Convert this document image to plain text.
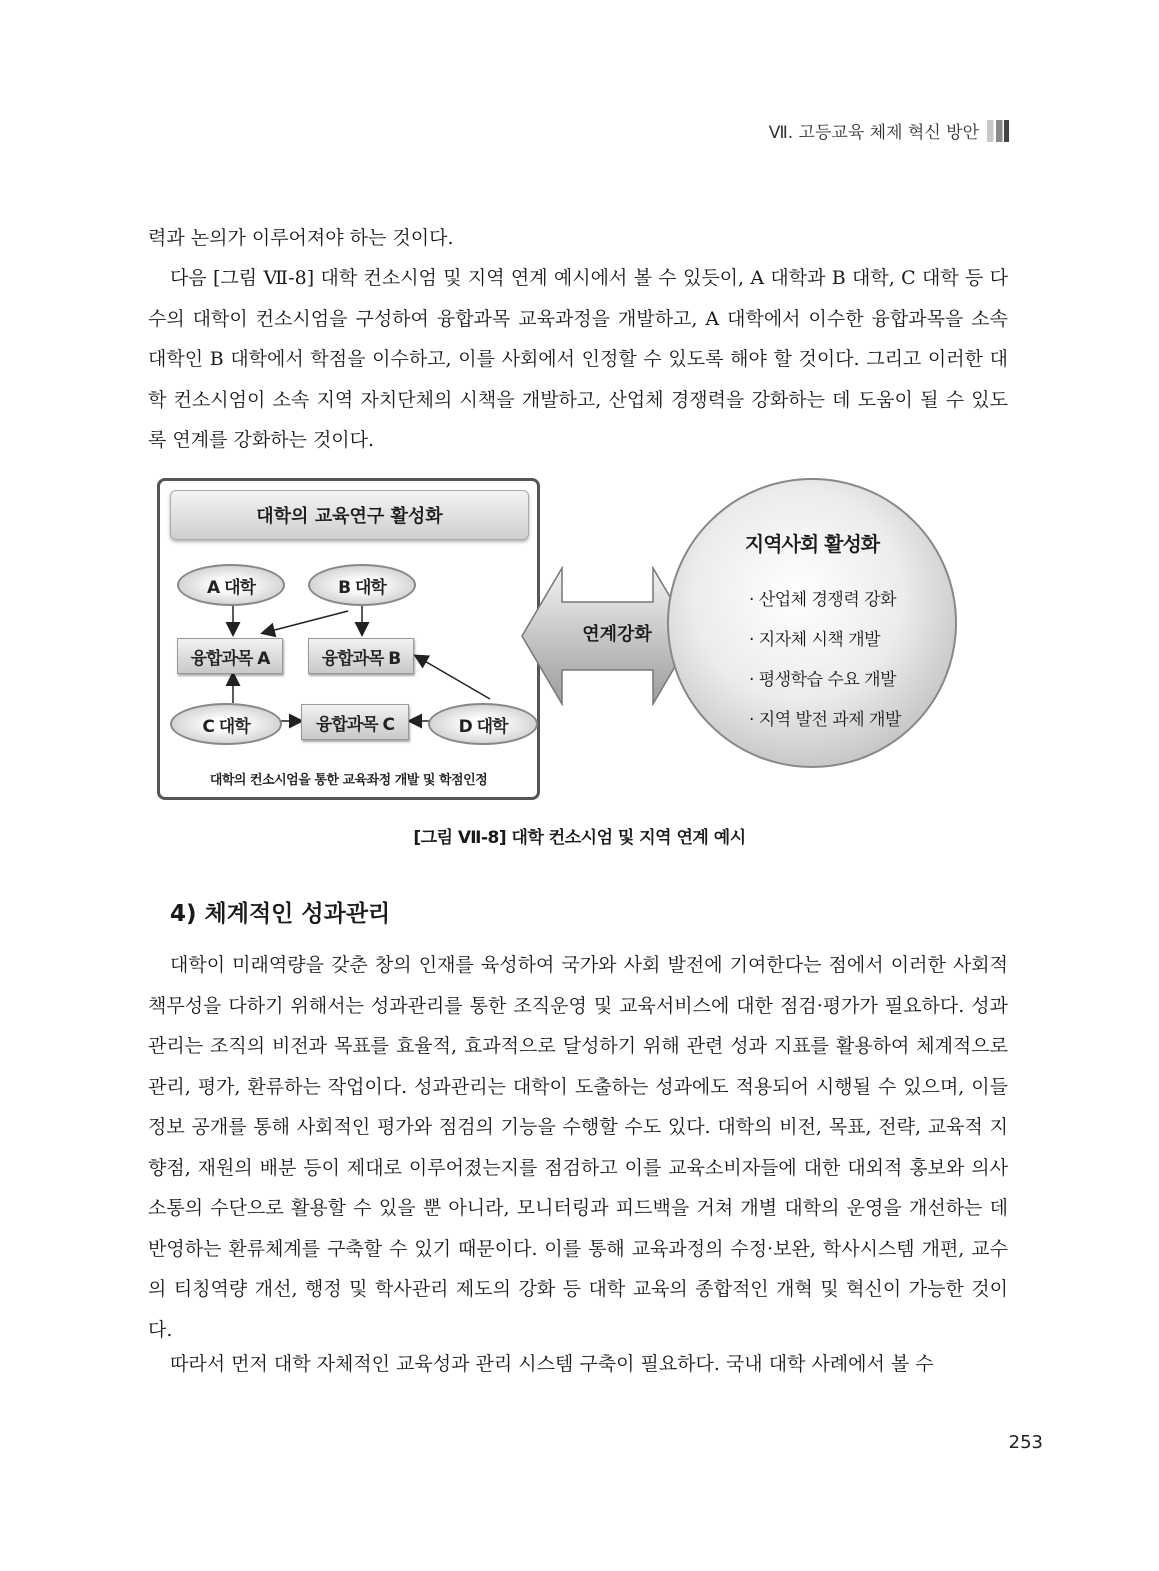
Ⅶ. 고등교육 체제 혁신 방안

력과 논의가 이루어져야 하는 것이다.

다음 [그림 Ⅶ-8] 대학 컨소시엄 및 지역 연계 예시에서 볼 수 있듯이, A 대학과 B 대학, C 대학 등 다수의 대학이 컨소시엄을 구성하여 융합과목 교육과정을 개발하고, A 대학에서 이수한 융합과목을 소속 대학인 B 대학에서 학점을 이수하고, 이를 사회에서 인정할 수 있도록 해야 할 것이다. 그리고 이러한 대학 컨소시엄이 소속 지역 자치단체의 시책을 개발하고, 산업체 경쟁력을 강화하는 데 도움이 될 수 있도록 연계를 강화하는 것이다.

대학의 교육연구 활성화
A 대학	B 대학
융합과목 A	융합과목 B
C 대학	융합과목 C	D 대학
대학의 컨소시엄을 통한 교육좌정 개발 및 학점인정
연계강화
지역사회 활성화
· 산업체 경쟁력 강화
· 지자체 시책 개발
· 평생학습 수요 개발
· 지역 발전 과제 개발
[그림 Ⅶ-8] 대학 컨소시엄 및 지역 연계 예시
4) 체계적인 성과관리

대학이 미래역량을 갖춘 창의 인재를 육성하여 국가와 사회 발전에 기여한다는 점에서 이러한 사회적 책무성을 다하기 위해서는 성과관리를 통한 조직운영 및 교육서비스에 대한 점검·평가가 필요하다. 성과관리는 조직의 비전과 목표를 효율적, 효과적으로 달성하기 위해 관련 성과 지표를 활용하여 체계적으로 관리, 평가, 환류하는 작업이다. 성과관리는 대학이 도출하는 성과에도 적용되어 시행될 수 있으며, 이들 정보 공개를 통해 사회적인 평가와 점검의 기능을 수행할 수도 있다. 대학의 비전, 목표, 전략, 교육적 지향점, 재원의 배분 등이 제대로 이루어졌는지를 점검하고 이를 교육소비자들에 대한 대외적 홍보와 의사소통의 수단으로 활용할 수 있을 뿐 아니라, 모니터링과 피드백을 거쳐 개별 대학의 운영을 개선하는 데 반영하는 환류체계를 구축할 수 있기 때문이다. 이를 통해 교육과정의 수정·보완, 학사시스템 개편, 교수의 티칭역량 개선, 행정 및 학사관리 제도의 강화 등 대학 교육의 종합적인 개혁 및 혁신이 가능한 것이다.

따라서 먼저 대학 자체적인 교육성과 관리 시스템 구축이 필요하다. 국내 대학 사례에서 볼 수

253
